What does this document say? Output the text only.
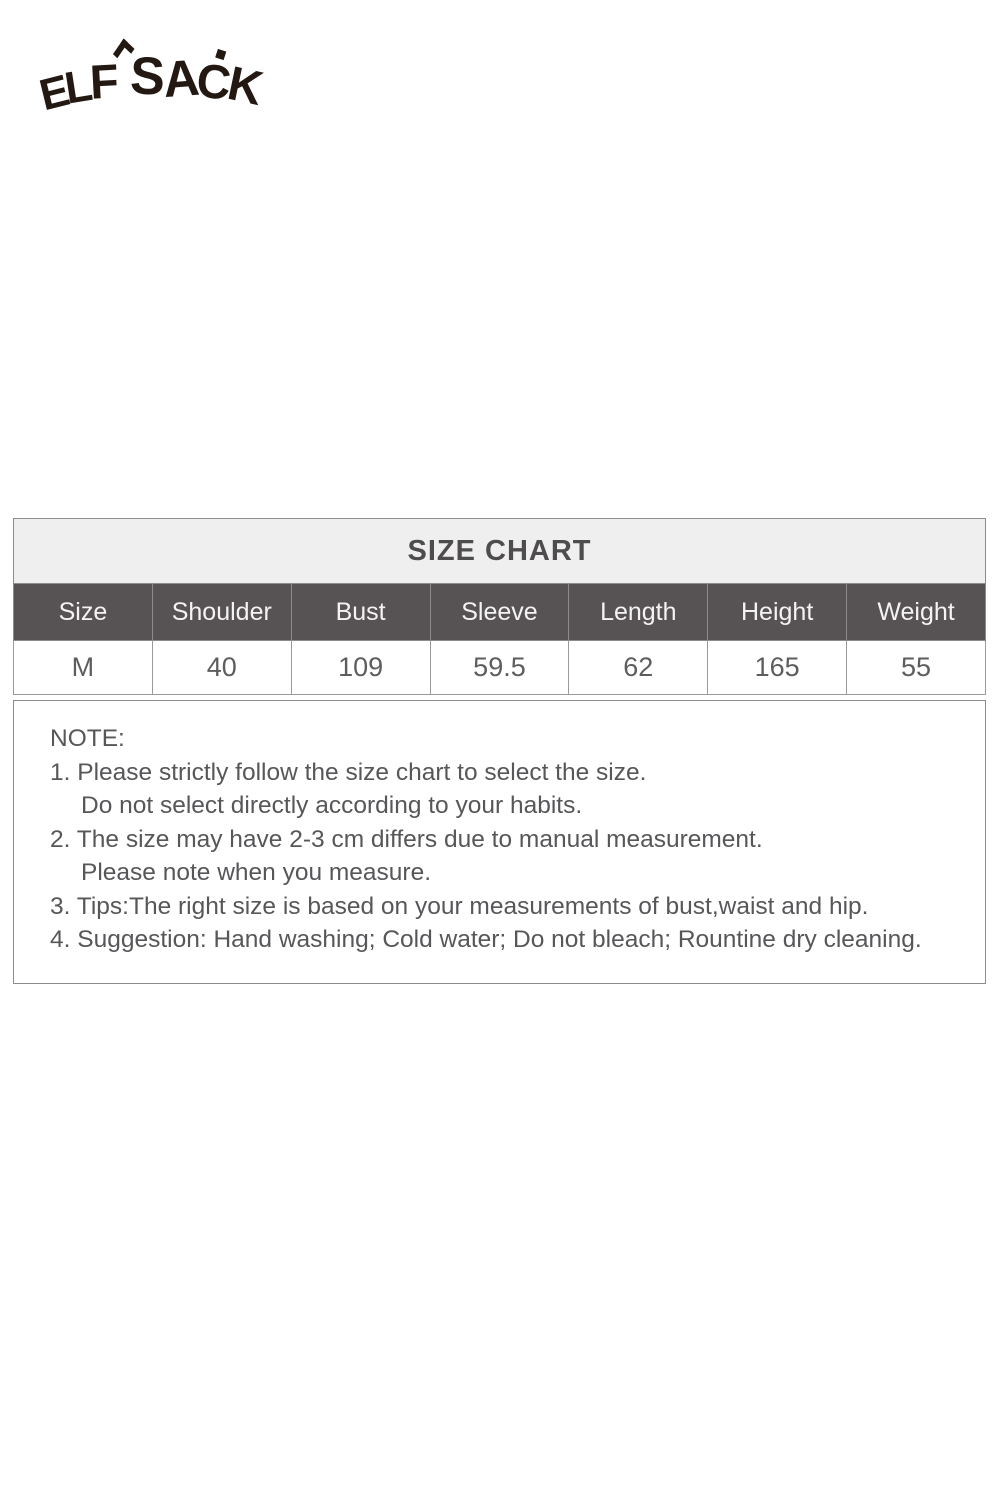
ELF SACK
SIZE CHART
Size	Shoulder	Bust	Sleeve	Length	Height	Weight
M	40	109	59.5	62	165	55
NOTE:
1. Please strictly follow the size chart to select the size.
Do not select directly according to your habits.
2. The size may have 2-3 cm differs due to manual measurement.
Please note when you measure.
3. Tips:The right size is based on your measurements of bust,waist and hip.
4. Suggestion: Hand washing; Cold water; Do not bleach; Rountine dry cleaning.
